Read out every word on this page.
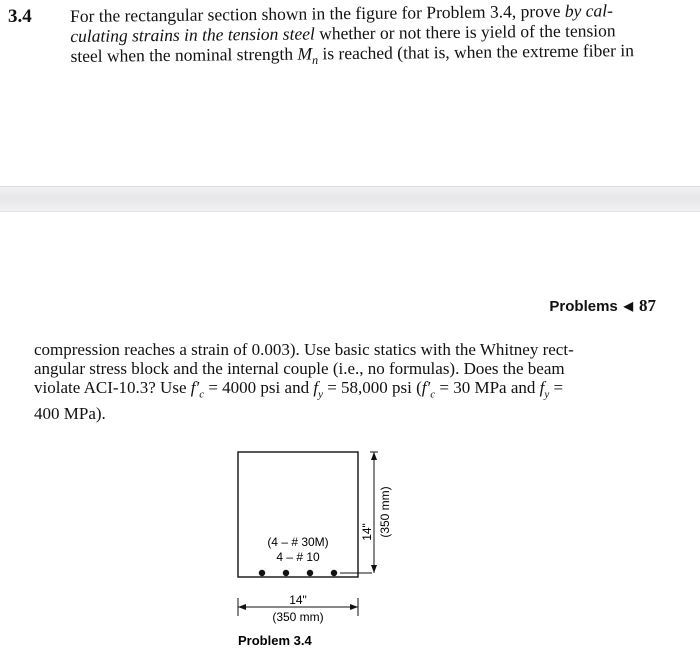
3.4 For the rectangular section shown in the figure for Problem 3.4, prove by cal-
culating strains in the tension steel whether or not there is yield of the tension
steel when the nominal strength $M_n$ is reached (that is, when the extreme fiber in
Problems ◀ 87
compression reaches a strain of 0.003). Use basic statics with the Whitney rect-
angular stress block and the internal couple (i.e., no formulas). Does the beam
violate ACI-10.3? Use $f'_c = 4000$ psi and $f_y = 58,000$ psi ($f'_c = 30$ MPa and $f_y$ =
400 MPa).
(4 – # 30M)
4 – # 10
14" (350 mm)
14"
(350 mm)
Problem 3.4
